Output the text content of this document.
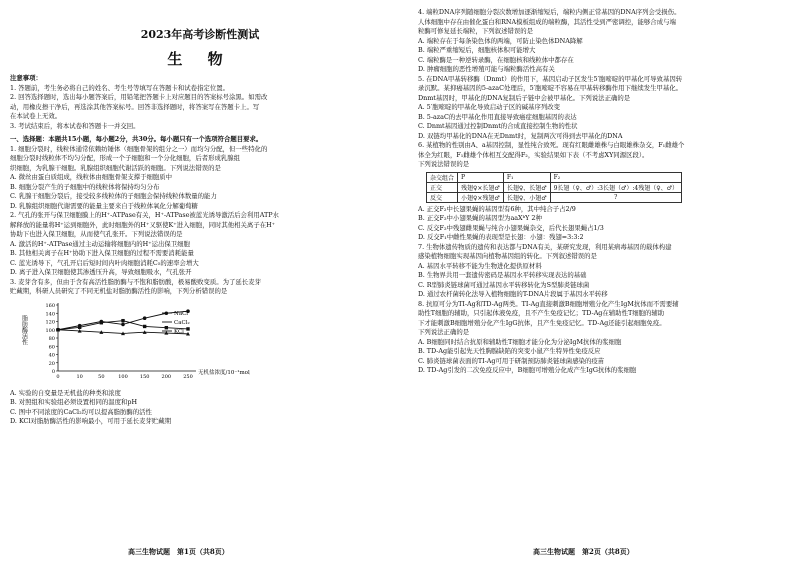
2023年高考诊断性测试
生 物
注意事项：
1. 答题前，考生务必将自己的姓名、考生号等填写在答题卡和试卷指定位置。
2. 回答选择题时，选出每小题答案后，用铅笔把答题卡上对应题目的答案标号涂黑。如需改
动，用橡皮擦干净后，再选涂其他答案标号。回答非选择题时，将答案写在答题卡上。写
在本试卷上无效。
3. 考试结束后，将本试卷和答题卡一并交回。
一、选择题：本题共15小题，每小题2分，共30分。每小题只有一个选项符合题目要求。
1. 细胞分裂时，线粒体通常依赖纺锤体（细胞骨架的组分之一）而均匀分配，但一些特化的
细胞分裂时线粒体不均匀分配，形成一个子细胞和一个分化细胞，后者形成乳腺组
织细胞，为乳腺干细胞。乳腺组织细胞代谢活跃的细胞。下列说法错误的是
A. 微丝由蛋白质组成，线粒体由细胞骨架支撑于细胞质中
B. 细胞分裂产生的子细胞中的线粒体将保持均匀分布
C. 乳腺干细胞分裂后，接受较多线粒体的子细胞会保持线粒体数量的能力
D. 乳腺组织细胞代谢需要的能量主要来自于线粒体氧化分解葡萄糖
2. 气孔的张开与保卫细胞膜上的H⁺-ATPase有关，H⁺-ATPase被蓝光诱导激活后会利用ATP水
解释放的能量将H⁺运到细胞外，此时细胞外的H⁺又驱使K⁺进入细胞，同时其他相关离子在H⁺
协助下也进入保卫细胞，从而使气孔张开。下列说法错误的是
A. 激活的H⁺-ATPase通过主动运输将细胞内的H⁺运出保卫细胞
B. 其他相关离子在H⁺协助下进入保卫细胞的过程不需要消耗能量
C. 蓝光诱导下，气孔开启后短时间内叶肉细胞消耗C₅的速率会增大
D. 离子进入保卫细胞使其渗透压升高，导致细胞吸水，气孔张开
3. 麦芽含有多，但由于含有高活性脂肪酶与不饱和脂肪酸，极易酸败变质。为了延长麦芽
贮藏期，科研人员研究了不同无机盐对脂肪酶活性的影响，下列分析错误的是
脂肪酶活性
0
20
40
60
80
100
120
140
160
0	10	50	100 150 200 250
无机盐浓度/10⁻¹mol/L
NaCl
CaCl₂
KCl
A. 实验的自变量是无机盐的种类和浓度
B. 对照组和实验组必须设置相同的温度和pH
C. 图中不同浓度的CaCl₂均可以提高脂肪酶的活性
D. KCl对脂肪酶活性的影响最小，可用于延长麦芽贮藏期
4. 端粒DNA序列随细胞分裂次数增加逐渐缩短后，端粒内侧正常基因的DNA序列会受损伤。
人体细胞中存在由催化蛋白和RNA模板组成的端粒酶，其活性受到严密调控，能够合成与端
粒酶可修复延长端粒，下列叙述错误的是
A. 端粒存在于每条染色体的两端，可防止染色体DNA降解
B. 端粒严重缩短后，细胞核体积可能增大
C. 端粒酶是一种逆转录酶，在细胞核和线粒体中都存在
D. 肿瘤细胞的恶性增殖可能与端粒酶活性高有关
5. 在DNA甲基转移酶（Dnmt）的作用下，基因启动子区发生5′胞嘧啶的甲基化可导致基因转
录沉默。某抑癌基因的5-azaC处理后，5′胞嘧啶不容易在甲基转移酶作用下继续发生甲基化。
Dnmt基因时，甲基化的DNA复制后子链中会被甲基化。下列说法正确的是
A. 5′胞嘧啶的甲基化导致启动子区的碱基序列改变
B. 5-azaC的去甲基化作用直接导致癌症细胞基因的表达
C. Dnmt基因通过控制Dnmt的合成直接控制生物的性状
D. 双链均甲基化的DNA在无Dnmt时，复制两次可得到去甲基化的DNA
6. 某植物的性别由A、a基因控制，显性纯合致死。现有红眼雌雄株与白眼雄株杂交，F₁雌雄个
体全为红眼，F₁雌雄个体相互交配得F₂，实验结果如下表（不考虑XY同源区段）。
下列说法错误的是
杂交组合	P	F₁	F₂
正交	残翅♀×长翅♂	长翅♀、长翅♂	9长翅（♀、♂）:3长翅（♂）:4残翅（♀、♂）
反交	小翅♀×残翅♂	长翅♀、小翅♂	?
A. 正交F₂中长翅果蝇的基因型有6种，其中纯合子占2/9
B. 正交F₂中小翅果蝇的基因型为aaXᵇY 2种
C. 反交F₂中残翅雌果蝇与纯合小翅果蝇杂交，后代长翅果蝇占1/3
D. 反交F₁中雌性果蝇的表现型是长翅：小翅：残翅=3:3:2
7. 生物体遗传物质的遗传和表达都与DNA有关，某研究发现，利用某病毒基因的载体构建
感染植物细胞实现基因向植物基因组的转化。下列叙述错误的是
A. 基因水平转移不能为生物进化提供原材料
B. 生物界共用一套遗传密码是基因水平转移实现表达的基础
C. R型肺炎链球菌可通过基因水平转移转化为S型肺炎链球菌
D. 通过农杆菌转化法导入植物细胞的T-DNA片段属于基因水平转移
8. 抗原可分为TI-Ag和TD-Ag两类。TI-Ag直接刺激B细胞增殖分化产生IgM抗体而不需要辅
助性T细胞的辅助，只引起体液免疫，且不产生免疫记忆；TD-Ag在辅助性T细胞的辅助
下才能刺激B细胞增殖分化产生IgG抗体，且产生免疫记忆。TD-Ag还能引起细胞免疫。
下列说法正确的是
A. B细胞同时结合抗原和辅助性T细胞才能分化为分泌IgM抗体的浆细胞
B. TD-Ag能引起先天性胸腺缺陷的突变小鼠产生特异性免疫反应
C. 肺炎链球菌表面的TI-Ag可用于研制预防肺炎链球菌感染的疫苗
D. TD-Ag引发的二次免疫反应中，B细胞可增殖分化成产生IgG抗体的浆细胞
高三生物试题　第1页（共8页）	高三生物试题　第2页（共8页）
